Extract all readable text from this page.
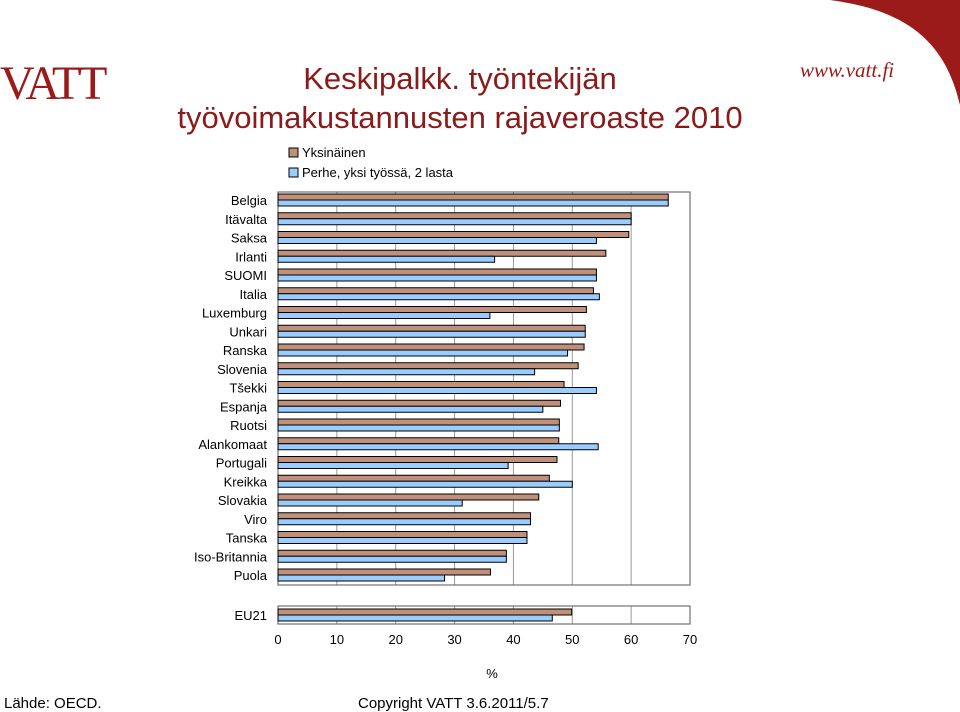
VATT	www.vatt.fi
Keskipalkk. työntekijän
työvoimakustannusten rajaveroaste 2010
Belgia
Itävalta
Saksa
Irlanti
SUOMI
Italia
Luxemburg
Unkari
Ranska
Slovenia
Tšekki
Espanja
Ruotsi
Alankomaat
Portugali
Kreikka
Slovakia
Viro
Tanska
Iso-Britannia
Puola
EU21
0	10	20	30	40	50	60	70
Yksinäinen
Perhe, yksi työssä, 2 lasta
%
Lähde: OECD.	Copyright VATT 3.6.2011/5.7
